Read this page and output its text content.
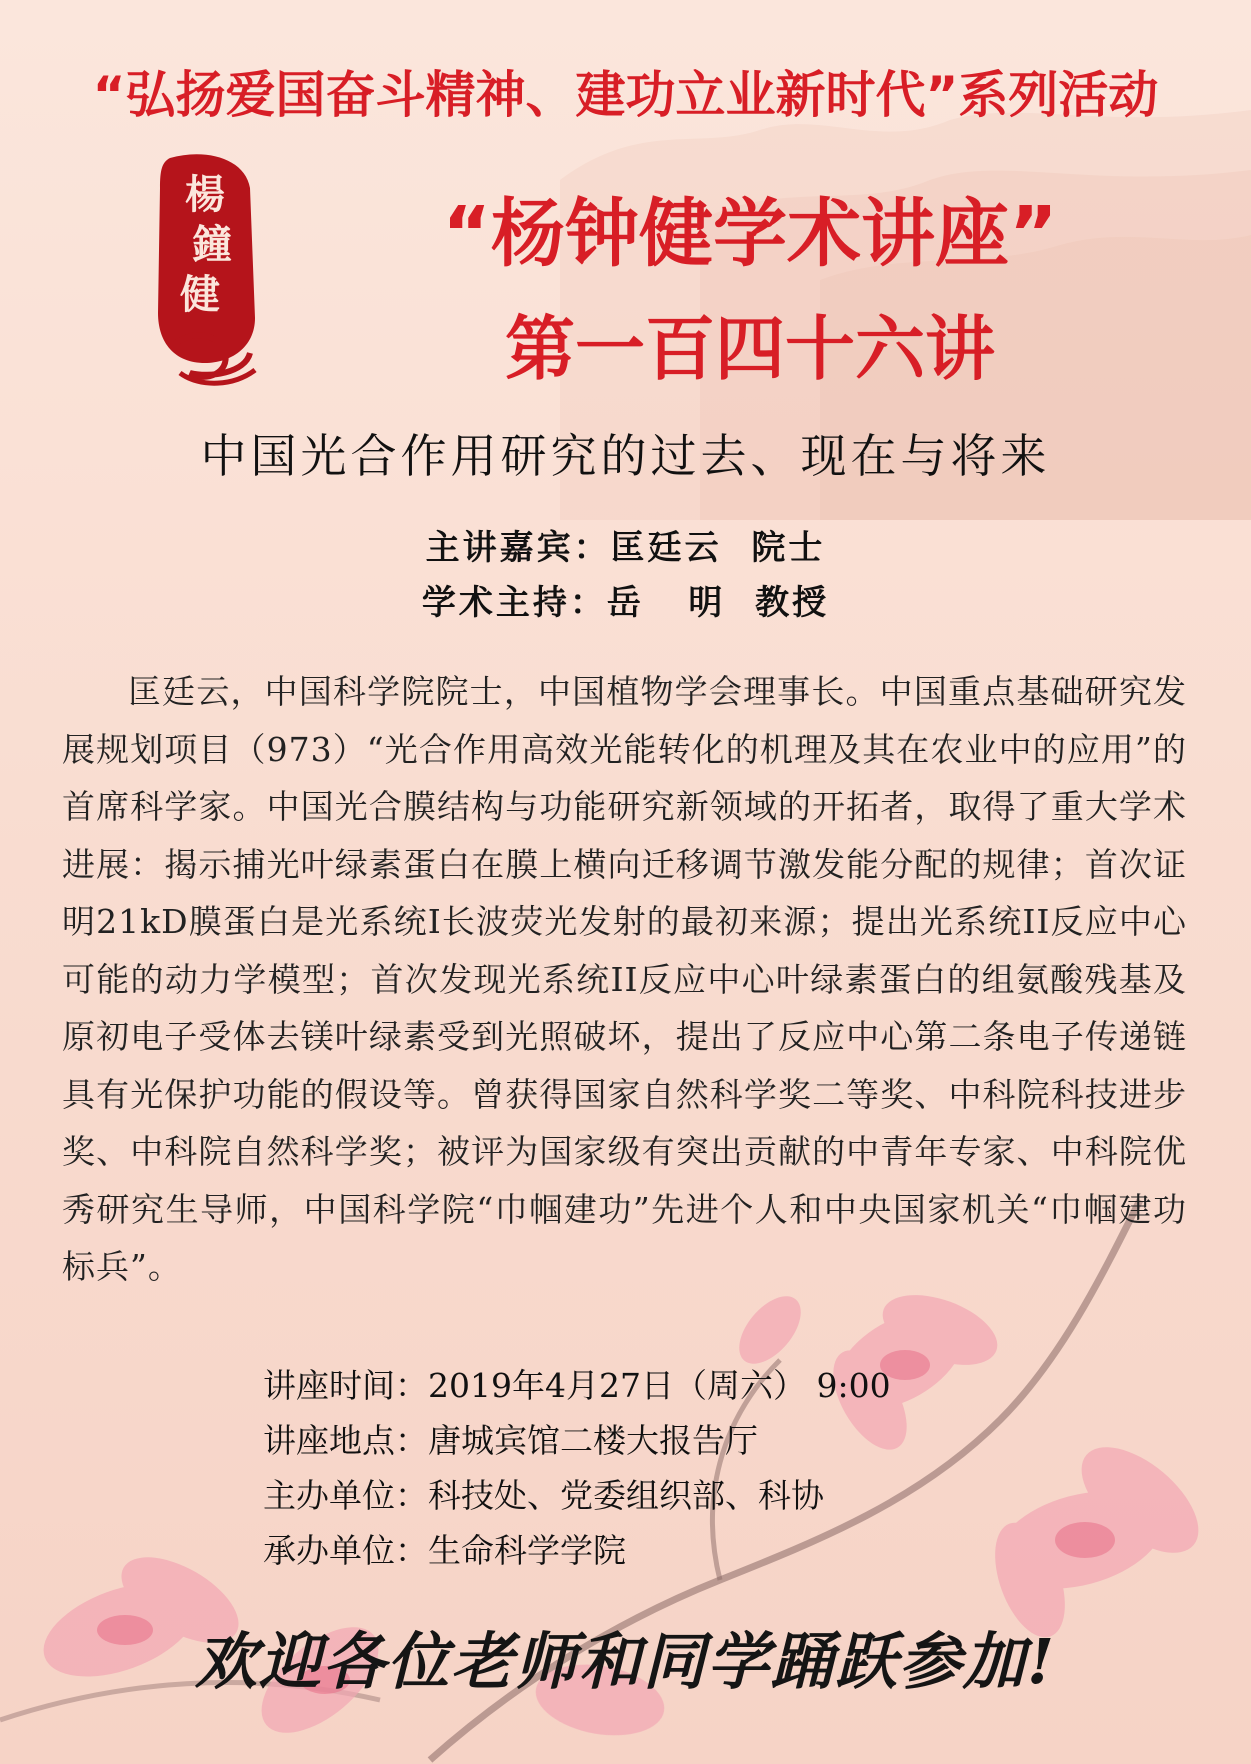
“弘扬爱国奋斗精神、建功立业新时代”系列活动
楊
鐘
健
“杨钟健学术讲座”
第一百四十六讲
中国光合作用研究的过去、现在与将来
主讲嘉宾：匡廷云  院士
学术主持：岳   明  教授

匡廷云，中国科学院院士，中国植物学会理事长。中国重点基础研究发展规划项目（973）“光合作用高效光能转化的机理及其在农业中的应用”的首席科学家。中国光合膜结构与功能研究新领域的开拓者，取得了重大学术进展：揭示捕光叶绿素蛋白在膜上横向迁移调节激发能分配的规律；首次证明21kD膜蛋白是光系统I长波荧光发射的最初来源；提出光系统II反应中心可能的动力学模型；首次发现光系统II反应中心叶绿素蛋白的组氨酸残基及原初电子受体去镁叶绿素受到光照破坏，提出了反应中心第二条电子传递链具有光保护功能的假设等。曾获得国家自然科学奖二等奖、中科院科技进步奖、中科院自然科学奖；被评为国家级有突出贡献的中青年专家、中科院优秀研究生导师，中国科学院“巾帼建功”先进个人和中央国家机关“巾帼建功标兵”。

讲座时间：2019年4月27日（周六） 9:00
讲座地点：唐城宾馆二楼大报告厅
主办单位：科技处、党委组织部、科协
承办单位：生命科学学院
欢迎各位老师和同学踊跃参加!
